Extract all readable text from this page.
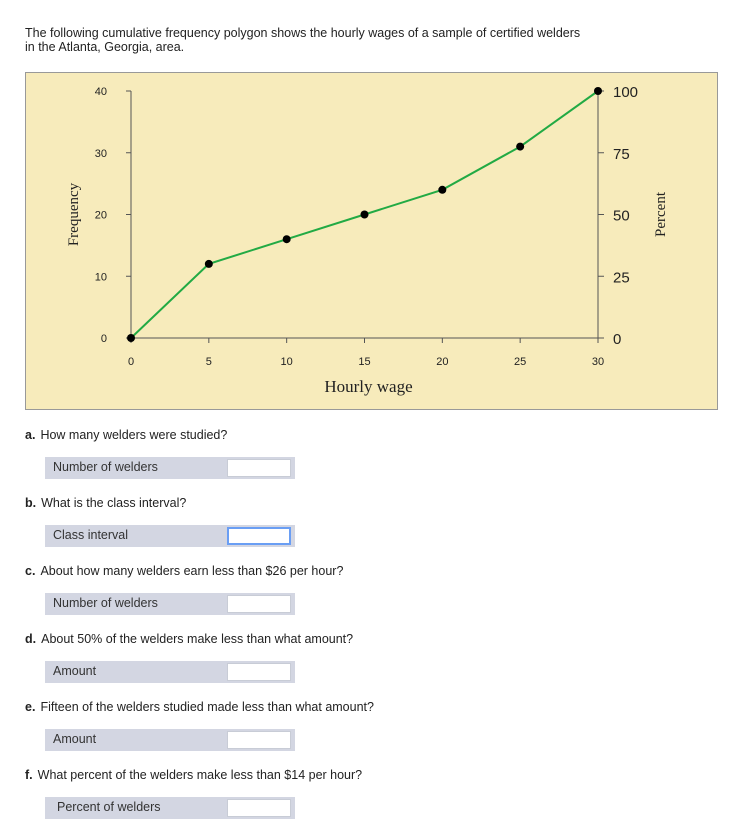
The following cumulative frequency polygon shows the hourly wages of a sample of certified welders in the Atlanta, Georgia, area.

0
10
20
30
40
0
25
50
75
100
0	5	10	15	20	25	30
Hourly wage
Frequency	Percent
a. How many welders were studied?
Number of welders
b. What is the class interval?
Class interval
c. About how many welders earn less than $26 per hour?
Number of welders
d. About 50% of the welders make less than what amount?
Amount
e. Fifteen of the welders studied made less than what amount?
Amount
f. What percent of the welders make less than $14 per hour?
Percent of welders
